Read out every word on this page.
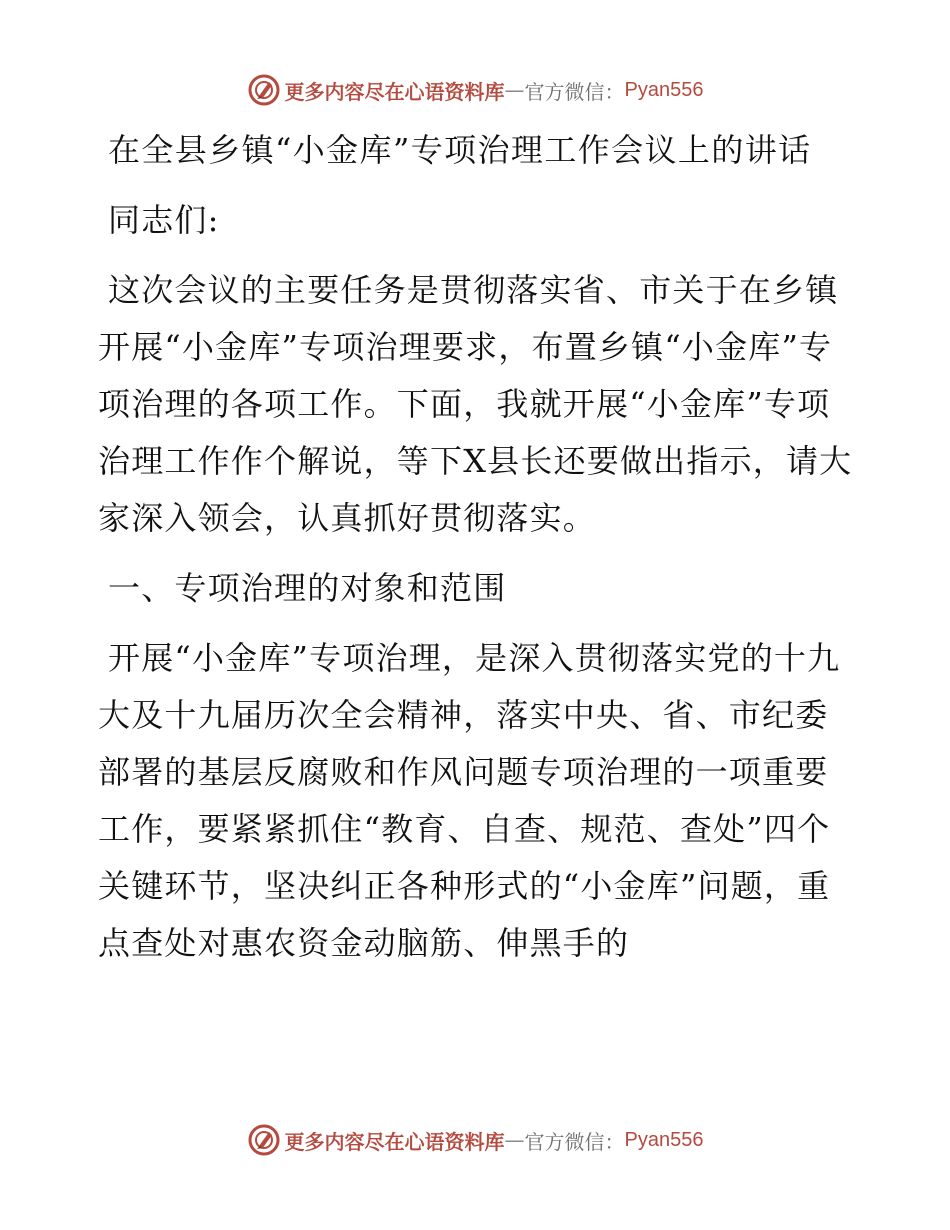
更多内容尽在心语资料库 — 官方微信： Pyan556

在全县乡镇“小金库”专项治理工作会议上的讲话

同志们:

这次会议的主要任务是贯彻落实省、市关于在乡镇开展“小金库”专项治理要求，布置乡镇“小金库”专项治理的各项工作。下面，我就开展“小金库”专项治理工作作个解说，等下X县长还要做出指示，请大家深入领会，认真抓好贯彻落实。

一、专项治理的对象和范围

开展“小金库”专项治理，是深入贯彻落实党的十九大及十九届历次全会精神，落实中央、省、市纪委部署的基层反腐败和作风问题专项治理的一项重要工作，要紧紧抓住“教育、自查、规范、查处”四个关键环节，坚决纠正各种形式的“小金库”问题，重点查处对惠农资金动脑筋、伸黑手的

更多内容尽在心语资料库 — 官方微信： Pyan556
